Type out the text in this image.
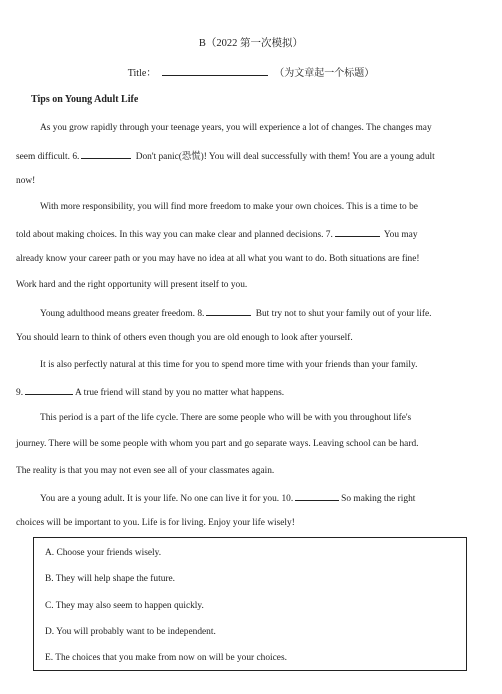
B（2022 第一次模拟）
Title：	（为文章起一个标题）
Tips on Young Adult Life
As you grow rapidly through your teenage years, you will experience a lot of changes. The changes may
seem difficult. 6.	Don't panic(恐慌)! You will deal successfully with them! You are a young adult
now!
With more responsibility, you will find more freedom to make your own choices. This is a time to be
told about making choices. In this way you can make clear and planned decisions. 7.	You may
already know your career path or you may have no idea at all what you want to do. Both situations are fine!
Work hard and the right opportunity will present itself to you.
Young adulthood means greater freedom. 8.	But try not to shut your family out of your life.
You should learn to think of others even though you are old enough to look after yourself.
It is also perfectly natural at this time for you to spend more time with your friends than your family.
9.	A true friend will stand by you no matter what happens.
This period is a part of the life cycle. There are some people who will be with you throughout life's
journey. There will be some people with whom you part and go separate ways. Leaving school can be hard.
The reality is that you may not even see all of your classmates again.
You are a young adult. It is your life. No one can live it for you. 10.	So making the right
choices will be important to you. Life is for living. Enjoy your life wisely!
A. Choose your friends wisely.
B. They will help shape the future.
C. They may also seem to happen quickly.
D. You will probably want to be independent.
E. The choices that you make from now on will be your choices.
